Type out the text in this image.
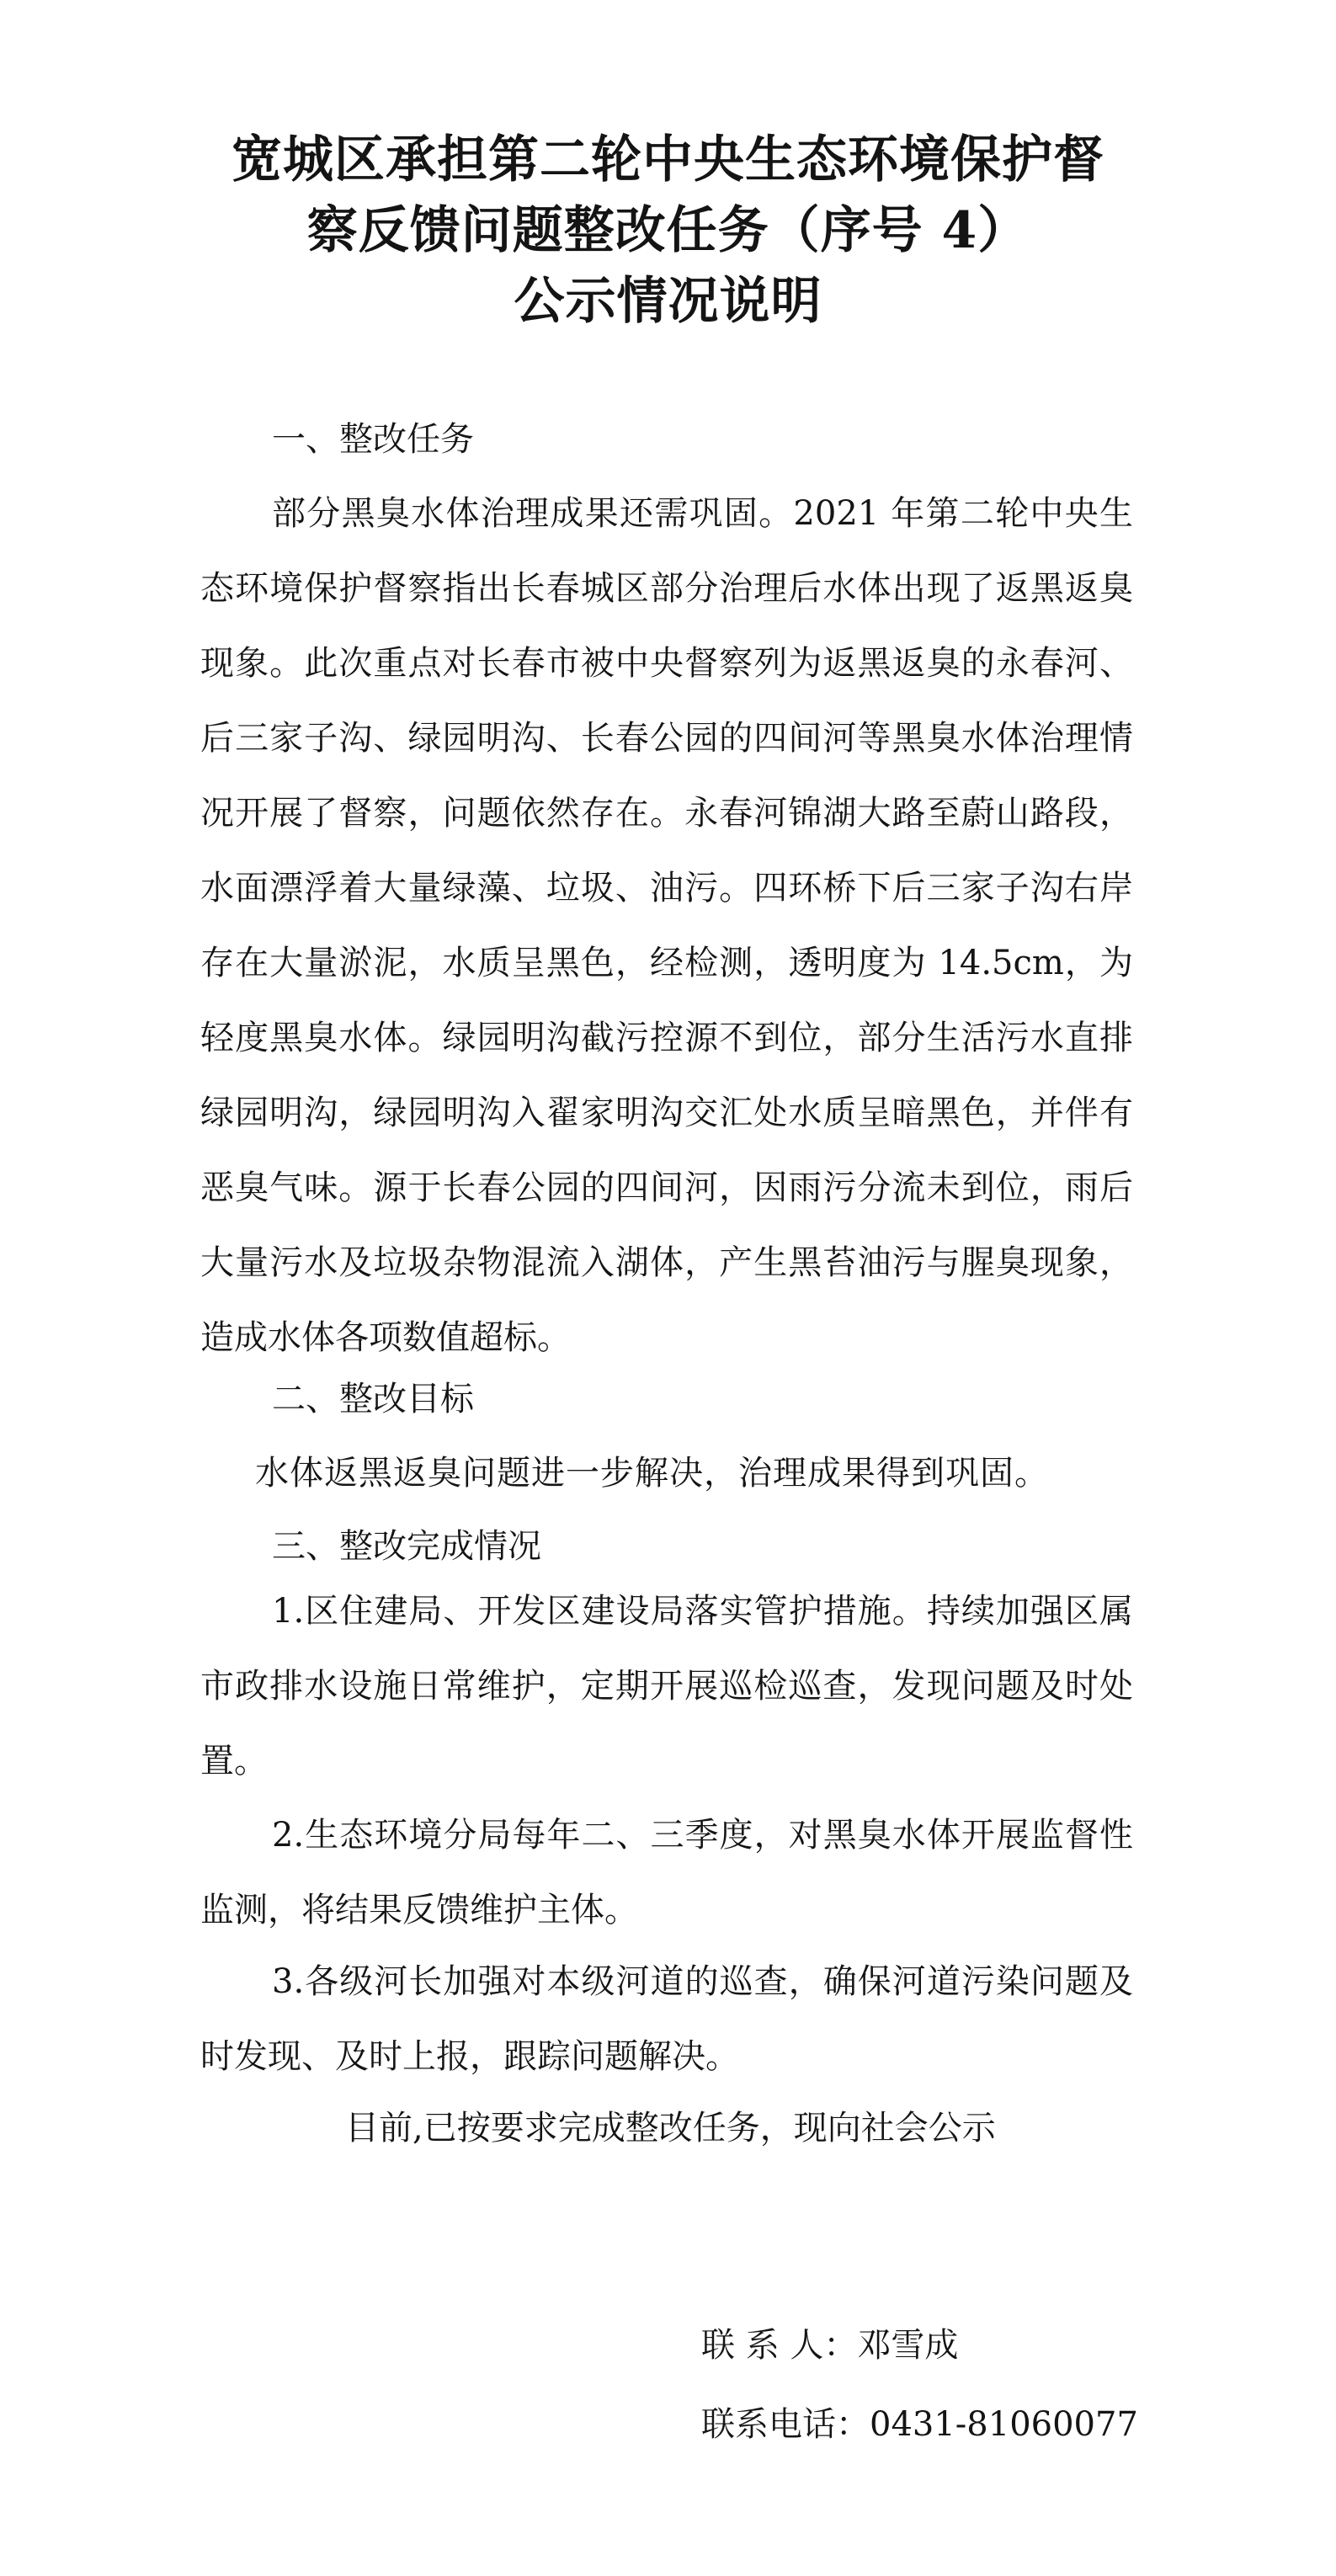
宽城区承担第二轮中央生态环境保护督
察反馈问题整改任务（序号 4）
公示情况说明
一、整改任务
部分黑臭水体治理成果还需巩固。2021 年第二轮中央生态环境保护督察指出长春城区部分治理后水体出现了返黑返臭现象。此次重点对长春市被中央督察列为返黑返臭的永春河、后三家子沟、绿园明沟、长春公园的四间河等黑臭水体治理情况开展了督察，问题依然存在。永春河锦湖大路至蔚山路段，水面漂浮着大量绿藻、垃圾、油污。四环桥下后三家子沟右岸存在大量淤泥，水质呈黑色，经检测，透明度为 14.5cm，为轻度黑臭水体。绿园明沟截污控源不到位，部分生活污水直排绿园明沟，绿园明沟入翟家明沟交汇处水质呈暗黑色，并伴有恶臭气味。源于长春公园的四间河，因雨污分流未到位，雨后大量污水及垃圾杂物混流入湖体，产生黑苔油污与腥臭现象，造成水体各项数值超标。
二、整改目标
水体返黑返臭问题进一步解决，治理成果得到巩固。
三、整改完成情况
1.区住建局、开发区建设局落实管护措施。持续加强区属市政排水设施日常维护，定期开展巡检巡查，发现问题及时处置。
2.生态环境分局每年二、三季度，对黑臭水体开展监督性监测，将结果反馈维护主体。
3.各级河长加强对本级河道的巡查，确保河道污染问题及时发现、及时上报，跟踪问题解决。
目前,已按要求完成整改任务，现向社会公示
联 系 人：邓雪成
联系电话：0431-81060077
